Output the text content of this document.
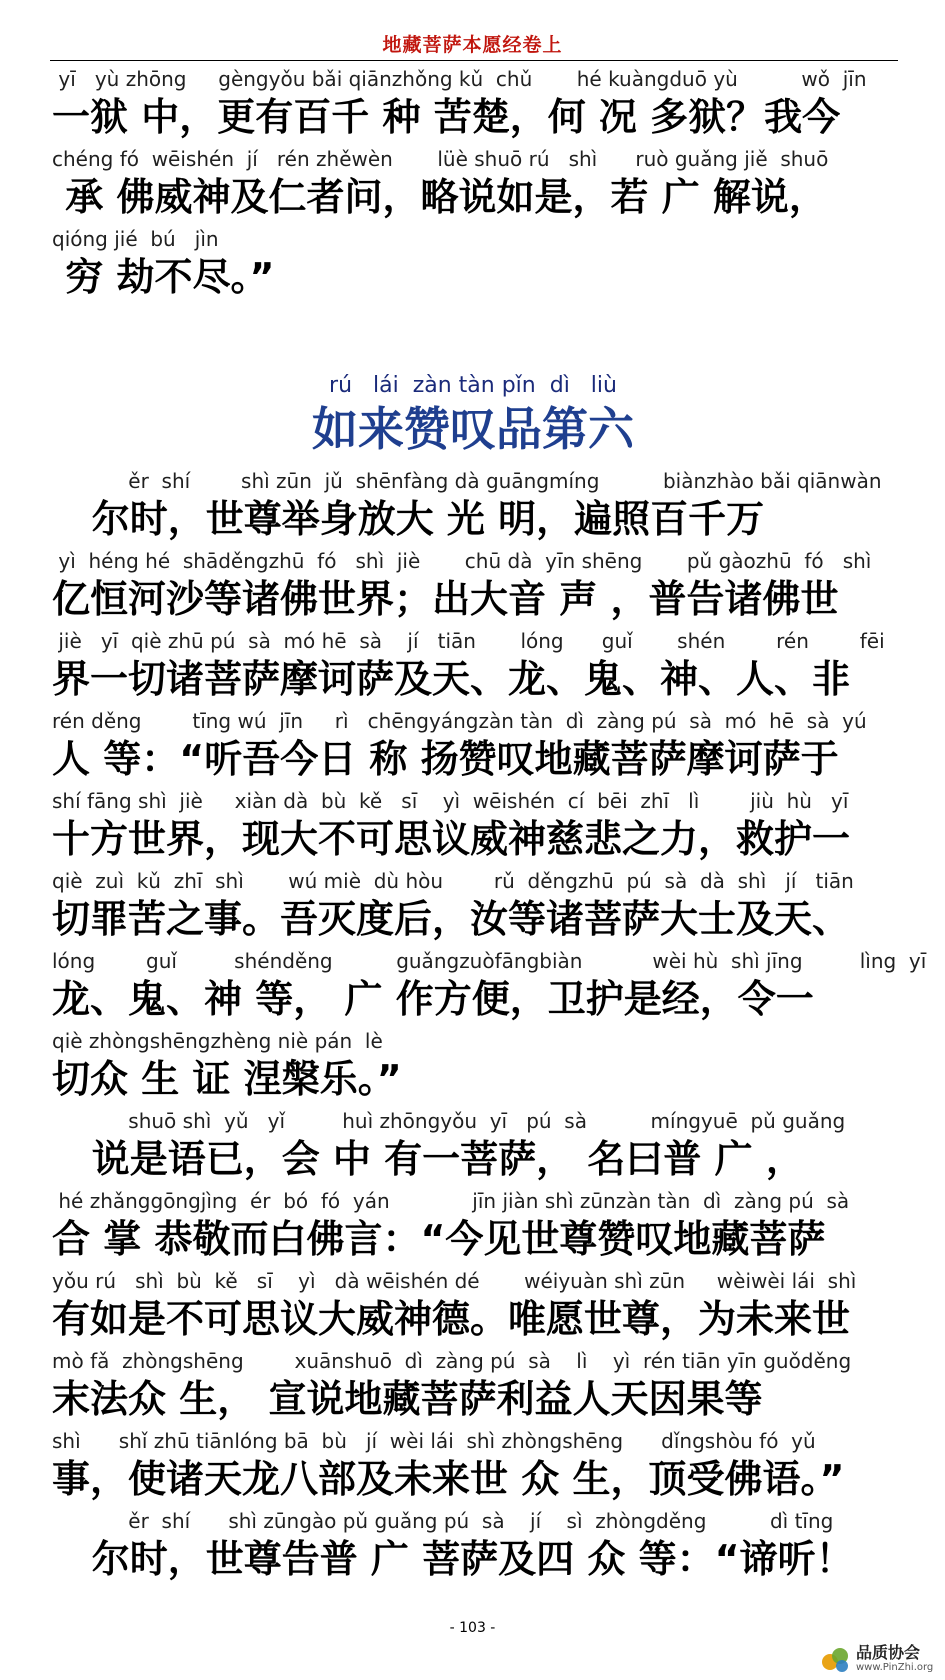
地藏菩萨本愿经卷上
yī   yù zhōng     gèngyǒu bǎi qiānzhǒng kǔ  chǔ       hé kuàngduō yù          wǒ  jīn
一狱 中，更有百千 种 苦楚，何 况 多狱？我今
chéng fó  wēishén  jí   rén zhěwèn       lüè shuō rú   shì      ruò guǎng jiě  shuō
承 佛威神及仁者问，略说如是，若 广 解说，
qióng jié  bú   jìn
穷 劫不尽。”
rú   lái  zàn tàn pǐn  dì   liù
如来赞叹品第六
ěr  shí        shì zūn  jǔ  shēnfàng dà guāngmíng          biànzhào bǎi qiānwàn
尔时，世尊举身放大 光 明，遍照百千万
yì  héng hé  shāděngzhū  fó   shì  jiè       chū dà  yīn shēng       pǔ gàozhū  fó   shì
亿恒河沙等诸佛世界；出大音 声 ，普告诸佛世
jiè   yī  qiè zhū pú  sà  mó hē  sà    jí   tiān       lóng      guǐ       shén        rén        fēi
界一切诸菩萨摩诃萨及天、龙、鬼、神、人、非
rén děng        tīng wú  jīn     rì   chēngyángzàn tàn  dì  zàng pú  sà  mó  hē  sà  yú
人 等：“听吾今日 称 扬赞叹地藏菩萨摩诃萨于
shí fāng shì  jiè     xiàn dà  bù  kě   sī    yì  wēishén  cí  bēi  zhī   lì        jiù  hù   yī
十方世界，现大不可思议威神慈悲之力，救护一
qiè  zuì  kǔ  zhī  shì       wú miè  dù hòu        rǔ  děngzhū  pú  sà  dà  shì   jí   tiān
切罪苦之事。吾灭度后，汝等诸菩萨大士及天、
lóng        guǐ         shénděng          guǎngzuòfāngbiàn           wèi hù  shì jīng         lìng  yī
龙、鬼、神 等， 广 作方便，卫护是经，令一
qiè zhòngshēngzhèng niè pán  lè
切众 生 证 涅槃乐。”
shuō shì  yǔ   yǐ         huì zhōngyǒu  yī   pú  sà          míngyuē  pǔ guǎng
说是语已，会 中 有一菩萨， 名曰普 广 ，
hé zhǎnggōngjìng  ér  bó  fó  yán             jīn jiàn shì zūnzàn tàn  dì  zàng pú  sà
合 掌 恭敬而白佛言：“今见世尊赞叹地藏菩萨
yǒu rú   shì  bù  kě   sī    yì   dà wēishén dé       wéiyuàn shì zūn     wèiwèi lái  shì
有如是不可思议大威神德。唯愿世尊，为未来世
mò fǎ  zhòngshēng        xuānshuō  dì  zàng pú  sà    lì    yì  rén tiān yīn guǒděng
末法众 生， 宣说地藏菩萨利益人天因果等
shì      shǐ zhū tiānlóng bā  bù   jí  wèi lái  shì zhòngshēng      dǐngshòu fó  yǔ
事，使诸天龙八部及未来世 众 生，顶受佛语。”
ěr  shí      shì zūngào pǔ guǎng pú  sà    jí    sì  zhòngděng          dì tīng
尔时，世尊告普 广 菩萨及四 众 等：“谛听！
- 103 -
品质协会
www.PinZhi.org
